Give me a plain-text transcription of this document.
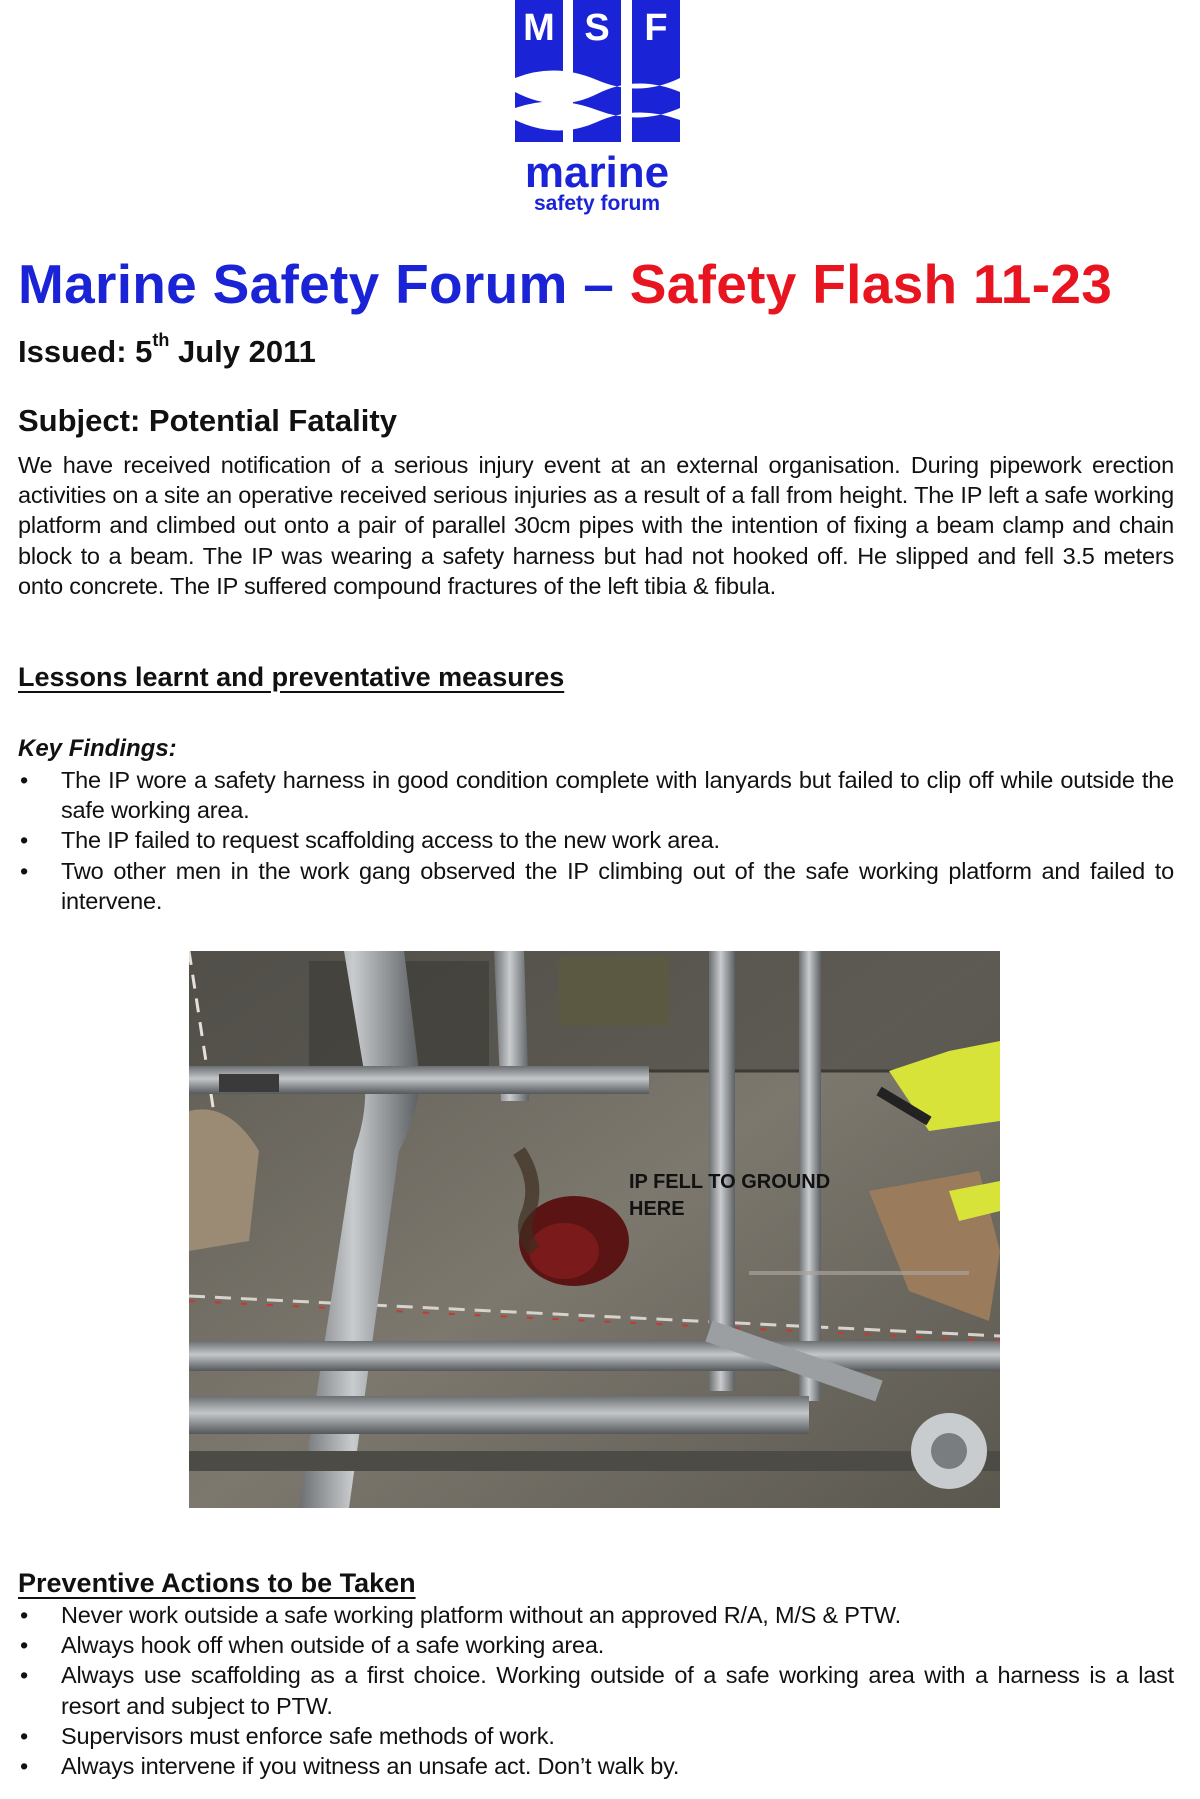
M S F
marine
safety forum
Marine Safety Forum – Safety Flash 11-23

Issued: 5th July 2011

Subject: Potential Fatality

We have received notification of a serious injury event at an external organisation. During pipework erection activities on a site an operative received serious injuries as a result of a fall from height. The IP left a safe working platform and climbed out onto a pair of parallel 30cm pipes with the intention of fixing a beam clamp and chain block to a beam. The IP was wearing a safety harness but had not hooked off. He slipped and fell 3.5 meters onto concrete. The IP suffered compound fractures of the left tibia & fibula.

Lessons learnt and preventative measures

Key Findings:

•	The IP wore a safety harness in good condition complete with lanyards but failed to clip off while outside the safe working area.
•	The IP failed to request scaffolding access to the new work area.
•	Two other men in the work gang observed the IP climbing out of the safe working platform and failed to intervene.

IP FELL TO GROUND HERE

Preventive Actions to be Taken
•	Never work outside a safe working platform without an approved R/A, M/S & PTW.
•	Always hook off when outside of a safe working area.
•	Always use scaffolding as a first choice. Working outside of a safe working area with a harness is a last resort and subject to PTW.
•	Supervisors must enforce safe methods of work.
•	Always intervene if you witness an unsafe act. Don’t walk by.
